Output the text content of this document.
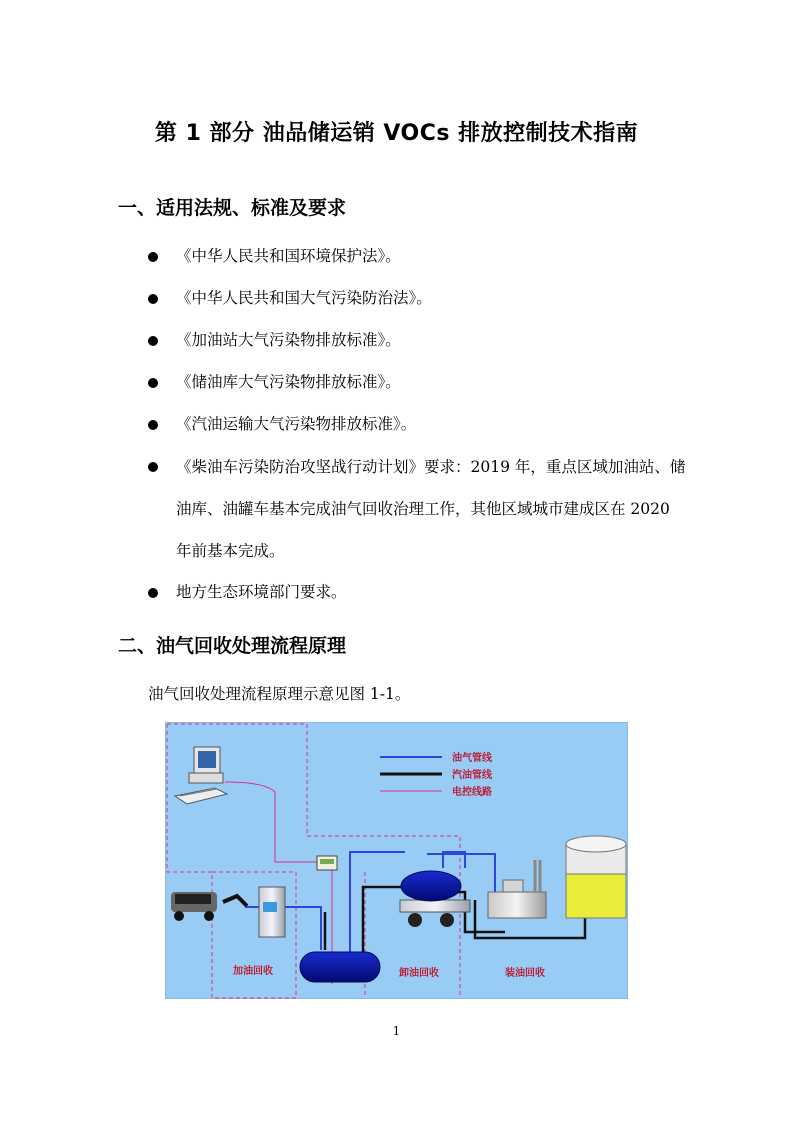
第 1 部分 油品储运销 VOCs 排放控制技术指南
一、适用法规、标准及要求
《中华人民共和国环境保护法》。
《中华人民共和国大气污染防治法》。
《加油站大气污染物排放标准》。
《储油库大气污染物排放标准》。
《汽油运输大气污染物排放标准》。
《柴油车污染防治攻坚战行动计划》要求：2019 年，重点区域加油站、储油库、油罐车基本完成油气回收治理工作，其他区域城市建成区在 2020 年前基本完成。
地方生态环境部门要求。
二、油气回收处理流程原理
油气回收处理流程原理示意见图 1-1。
油气管线
汽油管线
电控线路
加油回收	卸油回收	装油回收
1
